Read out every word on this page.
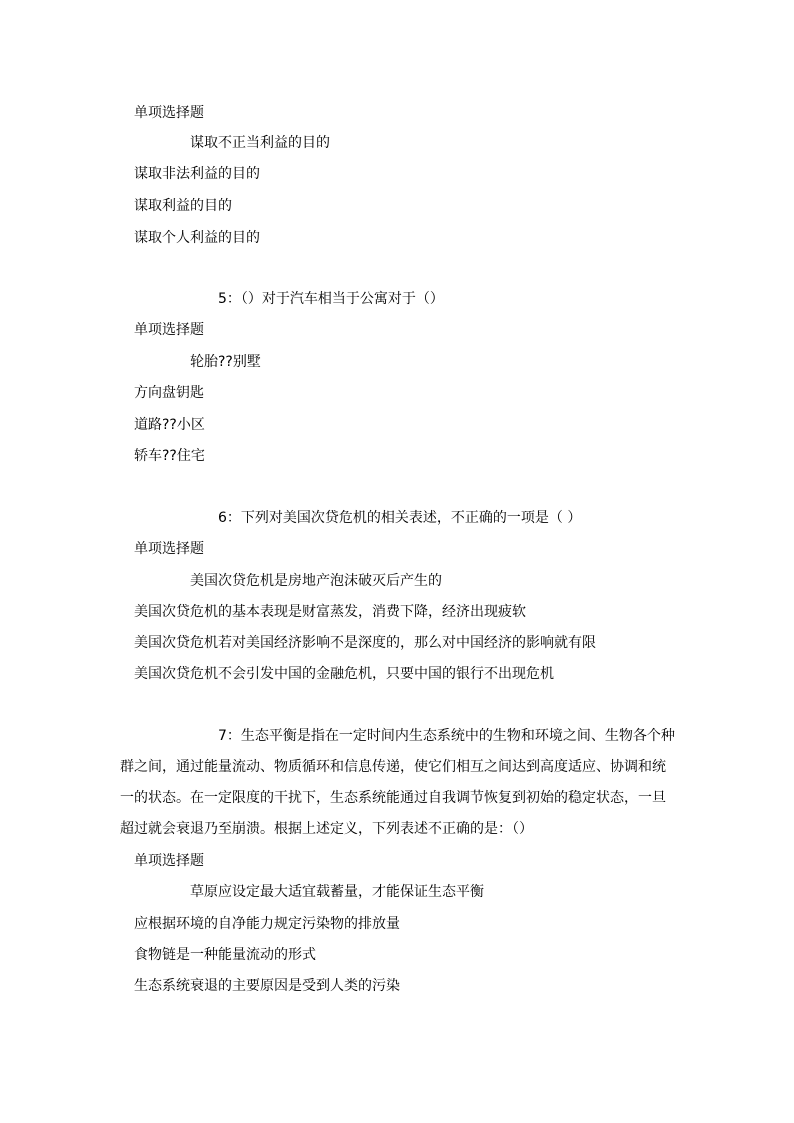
单项选择题
谋取不正当利益的目的
谋取非法利益的目的
谋取利益的目的
谋取个人利益的目的
5：（）对于汽车相当于公寓对于（）
单项选择题
轮胎??别墅
方向盘钥匙
道路??小区
轿车??住宅
6：下列对美国次贷危机的相关表述，不正确的一项是（ ）
单项选择题
美国次贷危机是房地产泡沫破灭后产生的
美国次贷危机的基本表现是财富蒸发，消费下降，经济出现疲软
美国次贷危机若对美国经济影响不是深度的，那么对中国经济的影响就有限
美国次贷危机不会引发中国的金融危机，只要中国的银行不出现危机
7：生态平衡是指在一定时间内生态系统中的生物和环境之间、生物各个种群之间，通过能量流动、物质循环和信息传递，使它们相互之间达到高度适应、协调和统一的状态。在一定限度的干扰下，生态系统能通过自我调节恢复到初始的稳定状态，一旦超过就会衰退乃至崩溃。根据上述定义，下列表述不正确的是：（）
单项选择题
草原应设定最大适宜载蓄量，才能保证生态平衡
应根据环境的自净能力规定污染物的排放量
食物链是一种能量流动的形式
生态系统衰退的主要原因是受到人类的污染
